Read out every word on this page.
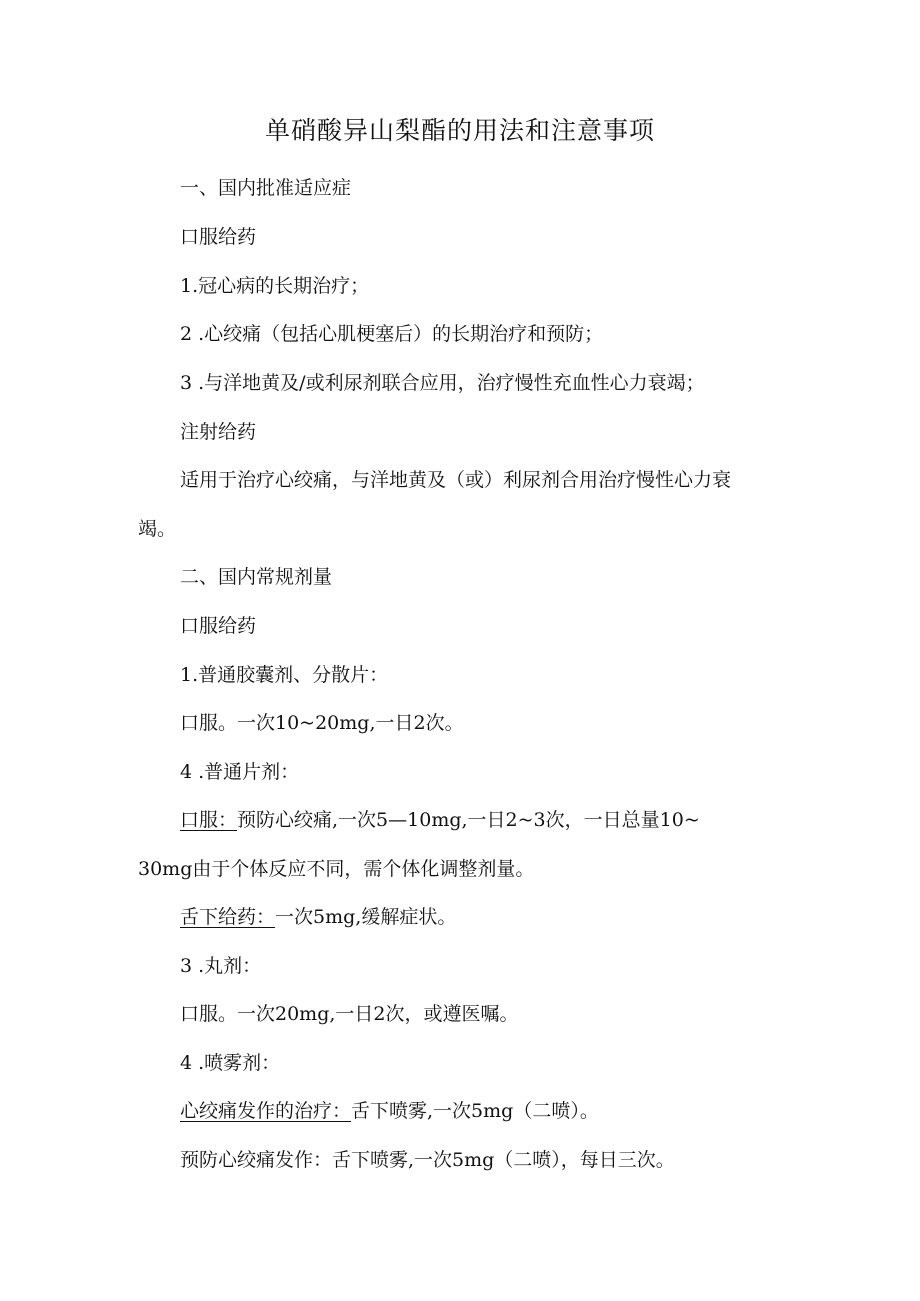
单硝酸异山梨酯的用法和注意事项
一、国内批准适应症
口服给药
1.冠心病的长期治疗；
2 .心绞痛（包括心肌梗塞后）的长期治疗和预防；
3 .与洋地黄及/或利尿剂联合应用，治疗慢性充血性心力衰竭；
注射给药
适用于治疗心绞痛，与洋地黄及（或）利尿剂合用治疗慢性心力衰
竭。
二、国内常规剂量
口服给药
1.普通胶囊剂、分散片：
口服。一次10~20mg,一日2次。
4 .普通片剂：
口服：预防心绞痛,一次5—10mg,一日2~3次，一日总量10~
30mg由于个体反应不同，需个体化调整剂量。
舌下给药：一次5mg,缓解症状。
3 .丸剂：
口服。一次20mg,一日2次，或遵医嘱。
4 .喷雾剂：
心绞痛发作的治疗：舌下喷雾,一次5mg（二喷）。
预防心绞痛发作：舌下喷雾,一次5mg（二喷），每日三次。
